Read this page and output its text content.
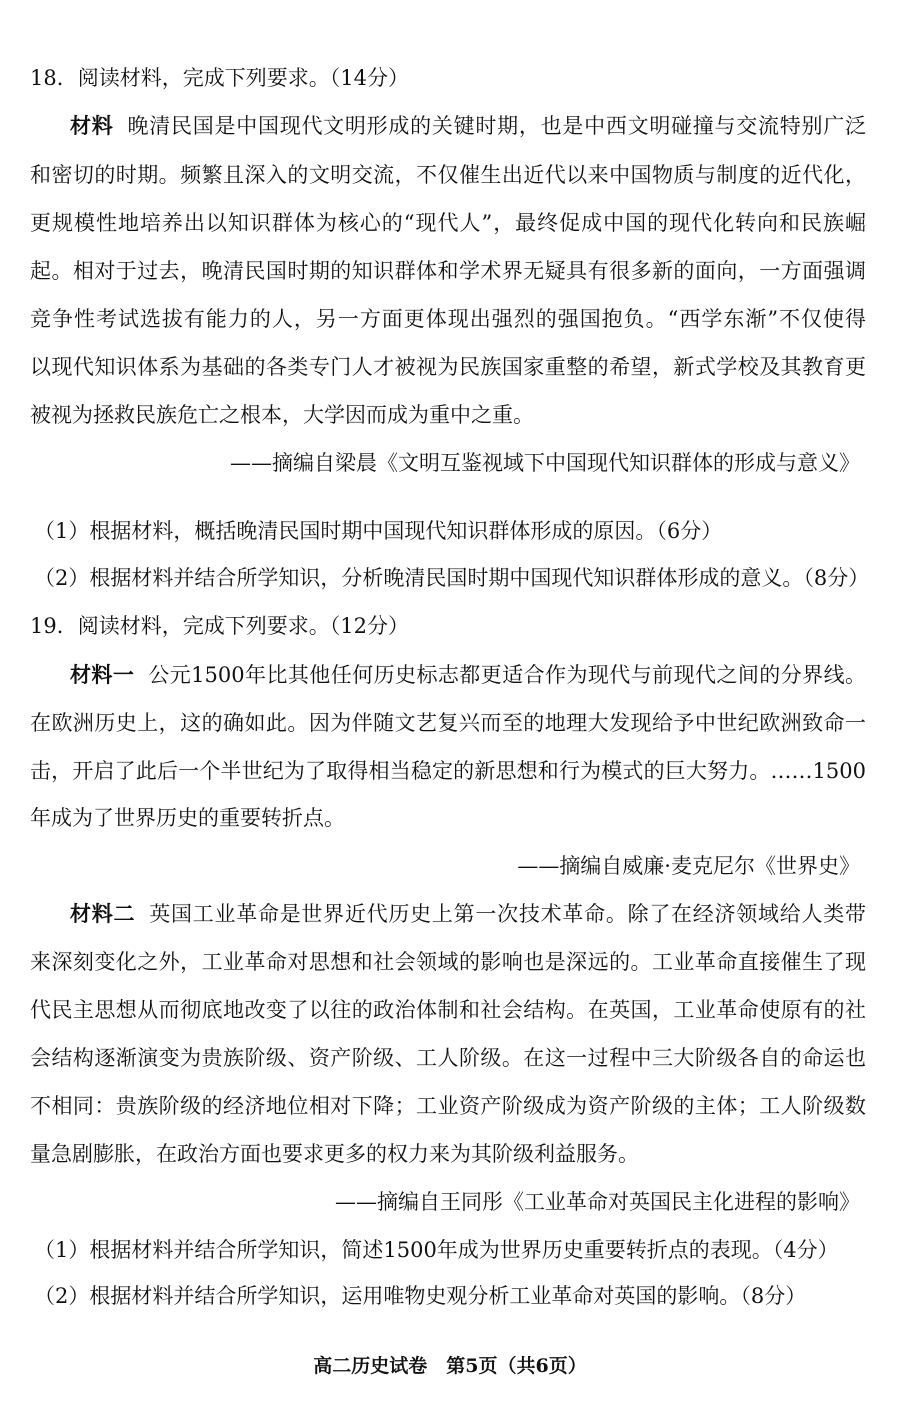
18．阅读材料，完成下列要求。（14分）
材料 晚清民国是中国现代文明形成的关键时期，也是中西文明碰撞与交流特别广泛
和密切的时期。频繁且深入的文明交流，不仅催生出近代以来中国物质与制度的近代化，
更规模性地培养出以知识群体为核心的“现代人”，最终促成中国的现代化转向和民族崛
起。相对于过去，晚清民国时期的知识群体和学术界无疑具有很多新的面向，一方面强调
竞争性考试选拔有能力的人，另一方面更体现出强烈的强国抱负。“西学东渐”不仅使得
以现代知识体系为基础的各类专门人才被视为民族国家重整的希望，新式学校及其教育更
被视为拯救民族危亡之根本，大学因而成为重中之重。
——摘编自梁晨《文明互鉴视域下中国现代知识群体的形成与意义》
（1）根据材料，概括晚清民国时期中国现代知识群体形成的原因。（6分）
（2）根据材料并结合所学知识，分析晚清民国时期中国现代知识群体形成的意义。（8分）
19．阅读材料，完成下列要求。（12分）
材料一 公元1500年比其他任何历史标志都更适合作为现代与前现代之间的分界线。
在欧洲历史上，这的确如此。因为伴随文艺复兴而至的地理大发现给予中世纪欧洲致命一
击，开启了此后一个半世纪为了取得相当稳定的新思想和行为模式的巨大努力。……1500
年成为了世界历史的重要转折点。
——摘编自威廉·麦克尼尔《世界史》
材料二 英国工业革命是世界近代历史上第一次技术革命。除了在经济领域给人类带
来深刻变化之外，工业革命对思想和社会领域的影响也是深远的。工业革命直接催生了现
代民主思想从而彻底地改变了以往的政治体制和社会结构。在英国，工业革命使原有的社
会结构逐渐演变为贵族阶级、资产阶级、工人阶级。在这一过程中三大阶级各自的命运也
不相同：贵族阶级的经济地位相对下降；工业资产阶级成为资产阶级的主体；工人阶级数
量急剧膨胀，在政治方面也要求更多的权力来为其阶级利益服务。
——摘编自王同彤《工业革命对英国民主化进程的影响》
（1）根据材料并结合所学知识，简述1500年成为世界历史重要转折点的表现。（4分）
（2）根据材料并结合所学知识，运用唯物史观分析工业革命对英国的影响。（8分）
高二历史试卷　第5页（共6页）
